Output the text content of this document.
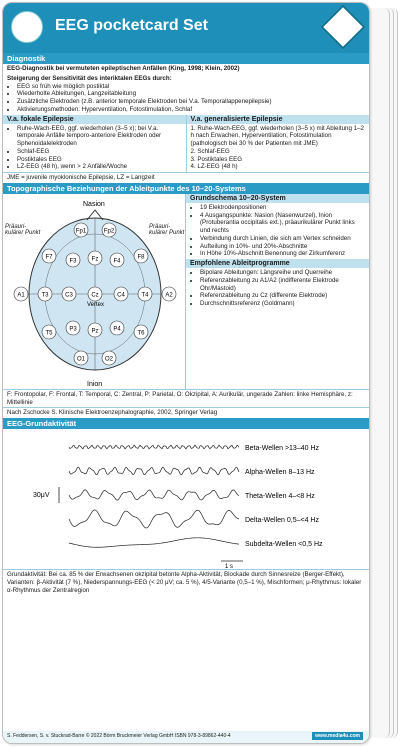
EEG pocketcard Set
Diagnostik
EEG-Diagnostik bei vermuteten epileptischen Anfällen (King, 1998; Klein, 2002)
Steigerung der Sensitivität des interiktalen EEGs durch:
• EEG so früh wie möglich postiktal
• Wiederholte Ableitungen, Langzeitableitung
• Zusätzliche Elektroden (z.B. anterior temporale Elektroden bei V.a. Temporallappenepilepsie)
• Aktivierungsmethoden: Hyperventilation, Fotostimulation, Schlaf
V.a. fokale Epilepsie
• Ruhe-Wach-EEG, ggf. wiederholen (3–5 x); bei V.a. temporale Anfälle temporo-anteriore Elektroden oder Sphenoidalelektroden
• Schlaf-EEG
• Postiktales EEG
• LZ-EEG (48 h), wenn > 2 Anfälle/Woche
V.a. generalisierte Epilepsie
1. Ruhe-Wach-EEG, ggf. wiederholen (3–5 x) mit Ableitung 1–2 h nach Erwachen, Hyperventilation, Fotostimulation (pathologisch bei 30 % der Patienten mit JME)
2. Schlaf-EEG
3. Postiktales EEG
4. LZ-EEG (48 h)
JME = juvenile myoklonische Epilepsie, LZ = Langzeit
Topographische Beziehungen der Ableitpunkte des 10–20-Systems
Nasion
Inion
Vertex
Fp1	Fp2
F7
F3	Fz	F4
F8
A1	T3	C3	Cz	C4	T4	A2
T5
P3 Pz P4
T6
O1	O2
Präauri-kulärer Punkt
Präauri-kulärer Punkt
Grundschema 10–20-System
• 19 Elektrodenpositionen
• 4 Ausgangspunkte: Nasion (Nasenwurzel), Inion (Protuberantia occipitalis ext.), präaurikulärer Punkt links und rechts
• Verbindung durch Linien, die sich am Vertex schneiden
• Aufteilung in 10%- und 20%-Abschnitte
• In Höhe 10%-Abschnitt Benennung der Zirkumferenz
Empfohlene Ableitprogramme
• Bipolare Ableitungen: Längsreihe und Querreihe
• Referenzableitung zu A1/A2 (indifferente Elektrode Ohr/Mastoid)
• Referenzableitung zu Cz (differente Elektrode)
• Durchschnittsreferenz (Goldmann)
F: Frontopolar, F: Frontal, T: Temporal, C: Zentral, P: Parietal, O: Okzipital, A: Aurikulär, ungerade Zahlen: linke Hemisphäre, z: Mittellinie
Nach Zschocke S. Klinische Elektroenzephalographie, 2002, Springer Verlag
EEG-Grundaktivität
30μV
Beta-Wellen >13–40 Hz
Alpha-Wellen 8–13 Hz
Theta-Wellen 4–<8 Hz
Delta-Wellen 0,5–<4 Hz
Subdelta-Wellen <0,5 Hz
1 s
Grundaktivität: Bei ca. 85 % der Erwachsenen okzipital betonte Alpha-Aktivität, Blockade durch Sinnesreize (Berger-Effekt), Varianten: β-Aktivität (7 %), Niederspannungs-EEG (< 20 μV; ca. 5 %), 4/5-Variante (0,5–1 %), Mischformen; μ-Rhythmus: lokaler α-Rhythmus der Zentralregion
S. Feddersen, S. v. Stuckrad-Barre © 2022 Börm Bruckmeier Verlag GmbH ISBN 978-3-89862-440-4	www.media4u.com
